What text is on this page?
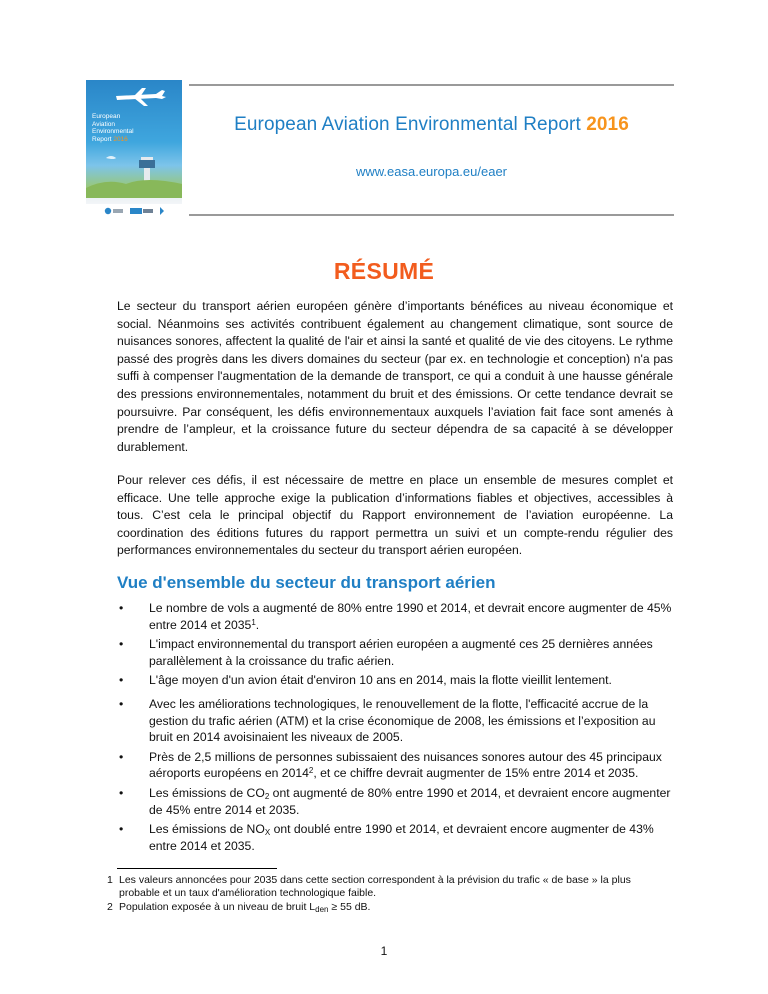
European
Aviation
Environmental
Report 2016
European Aviation Environmental Report 2016
www.easa.europa.eu/eaer
RÉSUMÉ

Le secteur du transport aérien européen génère d’importants bénéfices au niveau économique et social. Néanmoins ses activités contribuent également au changement climatique, sont source de nuisances sonores, affectent la qualité de l'air et ainsi la santé et qualité de vie des citoyens. Le rythme passé des progrès dans les divers domaines du secteur (par ex. en technologie et conception) n'a pas suffi à compenser l'augmentation de la demande de transport, ce qui a conduit à une hausse générale des pressions environnementales, notamment du bruit et des émissions. Or cette tendance devrait se poursuivre. Par conséquent, les défis environnementaux auxquels l’aviation fait face sont amenés à prendre de l’ampleur, et la croissance future du secteur dépendra de sa capacité à se développer durablement.

Pour relever ces défis, il est nécessaire de mettre en place un ensemble de mesures complet et efficace. Une telle approche exige la publication d’informations fiables et objectives, accessibles à tous. C’est cela le principal objectif du Rapport environnement de l’aviation européenne. La coordination des éditions futures du rapport permettra un suivi et un compte-rendu régulier des performances environnementales du secteur du transport aérien européen.

Vue d'ensemble du secteur du transport aérien
• Le nombre de vols a augmenté de 80% entre 1990 et 2014, et devrait encore augmenter de 45% entre 2014 et 2035$^1$.
• L'impact environnemental du transport aérien européen a augmenté ces 25 dernières années parallèlement à la croissance du trafic aérien.
• L'âge moyen d'un avion était d'environ 10 ans en 2014, mais la flotte vieillit lentement.
• Avec les améliorations technologiques, le renouvellement de la flotte, l'efficacité accrue de la gestion du trafic aérien (ATM) et la crise économique de 2008, les émissions et l’exposition au bruit en 2014 avoisinaient les niveaux de 2005.
• Près de 2,5 millions de personnes subissaient des nuisances sonores autour des 45 principaux aéroports européens en 2014$^2$, et ce chiffre devrait augmenter de 15% entre 2014 et 2035.
• Les émissions de $CO_2$ ont augmenté de 80% entre 1990 et 2014, et devraient encore augmenter de 45% entre 2014 et 2035.
• Les émissions de $NO_X$ ont doublé entre 1990 et 2014, et devraient encore augmenter de 43% entre 2014 et 2035.
1 Les valeurs annoncées pour 2035 dans cette section correspondent à la prévision du trafic « de base » la plus
probable et un taux d'amélioration technologique faible.
2 Population exposée à un niveau de bruit $L_{den} \ge 55$ dB.
1
